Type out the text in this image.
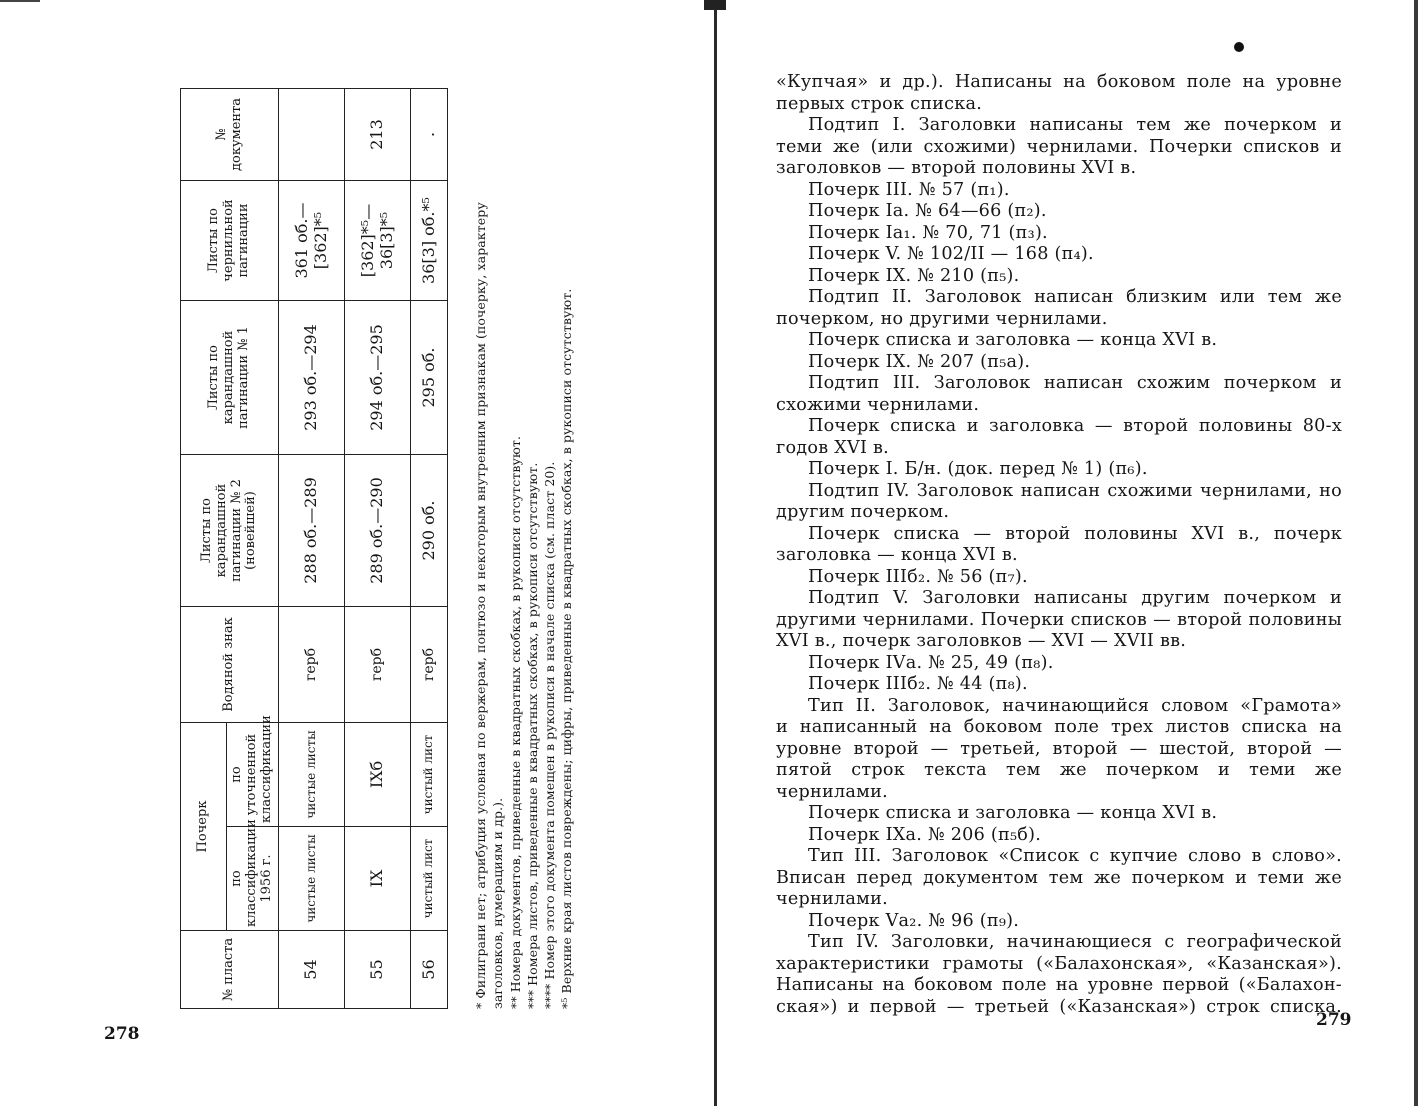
№ пласта	Почерк		Водяной знак	Листы по карандашной пагинации № 2 (новейшей)	Листы по карандашной пагинации № 1	Листы по чернильной пагинации	№ документа
	по классификации 1956 г.	по уточненной классификации					
54	чистые листы	чистые листы	герб	288 об.—289	293 об.—294	361 об.—[362]*⁵	
55	IX	IXб	герб	289 об.—290	294 об.—295	[362]*⁵—36[3]*⁵	213
56	чистый лист	чистый лист	герб	290 об.	295 об.	36[3] об.*⁵	.

* Филиграни нет; атрибуция условная по вержерам, понтюзо и некоторым внутренним признакам (почерку, характеру заголовков, нумерациям и др.). ** Номера документов, приведенные в квадратных скобках, в рукописи отсутствуют. *** Номера листов, приведенные в квадратных скобках, в рукописи отсутствуют. **** Номер этого документа помещен в рукописи в начале списка (см. пласт 20). *⁵ Верхние края листов повреждены; цифры, приведенные в квадратных скобках, в рукописи отсутствуют.

278
«Купчая» и др.). Написаны на боковом поле на уровне
первых строк списка.
Подтип I. Заголовки написаны тем же почерком и
теми же (или схожими) чернилами. Почерки списков и
заголовков — второй половины XVI в.
Почерк III. № 57 (п₁).
Почерк Iа. № 64—66 (п₂).
Почерк Iа₁. № 70, 71 (п₃).
Почерк V. № 102/II — 168 (п₄).
Почерк IX. № 210 (п₅).
Подтип II. Заголовок написан близким или тем же
почерком, но другими чернилами.
Почерк списка и заголовка — конца XVI в.
Почерк IX. № 207 (п₅а).
Подтип III. Заголовок написан схожим почерком и
схожими чернилами.
Почерк списка и заголовка — второй половины 80-х
годов XVI в.
Почерк I. Б/н. (док. перед № 1) (п₆).
Подтип IV. Заголовок написан схожими чернилами, но
другим почерком.
Почерк списка — второй половины XVI в., почерк
заголовка — конца XVI в.
Почерк IIIб₂. № 56 (п₇).
Подтип V. Заголовки написаны другим почерком и
другими чернилами. Почерки списков — второй половины
XVI в., почерк заголовков — XVI — XVII вв.
Почерк IVа. № 25, 49 (п₈).
Почерк IIIб₂. № 44 (п₈).
Тип II. Заголовок, начинающийся словом «Грамота»
и написанный на боковом поле трех листов списка на
уровне второй — третьей, второй — шестой, второй —
пятой строк текста тем же почерком и теми же чернилами.
Почерк списка и заголовка — конца XVI в.
Почерк IXа. № 206 (п₅б).
Тип III. Заголовок «Список с купчие слово в слово».
Вписан перед документом тем же почерком и теми же
чернилами.
Почерк Vа₂. № 96 (п₉).
Тип IV. Заголовки, начинающиеся с географической
характеристики грамоты («Балахонская», «Казанская»).
Написаны на боковом поле на уровне первой («Балахон-
ская») и первой — третьей («Казанская») строк списка.
279
